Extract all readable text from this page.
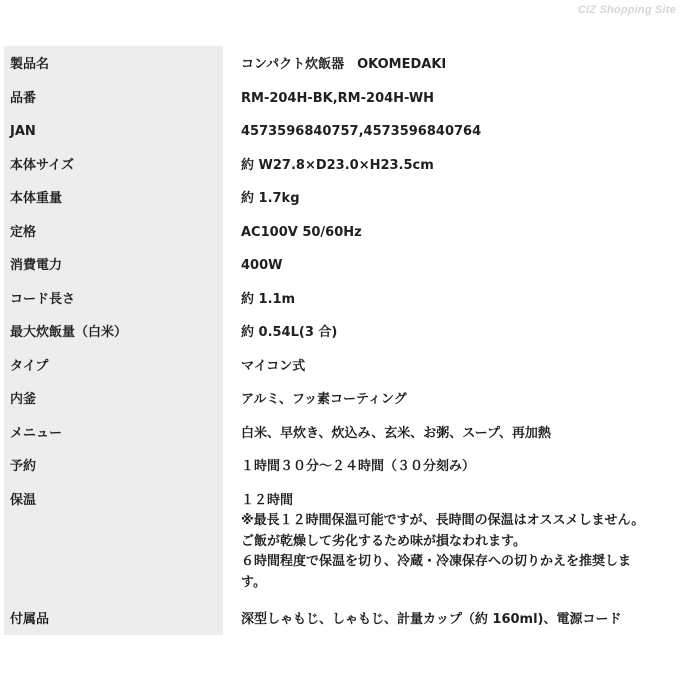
CIZ Shopping Site
製品名	コンパクト炊飯器　OKOMEDAKI

品番	RM-204H-BK,RM-204H-WH

JAN	4573596840757,4573596840764

本体サイズ	約 W27.8×D23.0×H23.5cm

本体重量	約 1.7kg

定格	AC100V 50/60Hz

消費電力	400W

コード長さ	約 1.1m

最大炊飯量（白米）	約 0.54L(3 合)

タイプ	マイコン式

内釜	アルミ、フッ素コーティング

メニュー	白米、早炊き、炊込み、玄米、お粥、スープ、再加熱

予約	１時間３０分～２４時間（３０分刻み）

保温	１２時間
※最長１２時間保温可能ですが、長時間の保温はオススメしません。
ご飯が乾燥して劣化するため味が損なわれます。
６時間程度で保温を切り、冷蔵・冷凍保存への切りかえを推奨しま
す。

付属品	深型しゃもじ、しゃもじ、計量カップ（約 160ml)、電源コード
